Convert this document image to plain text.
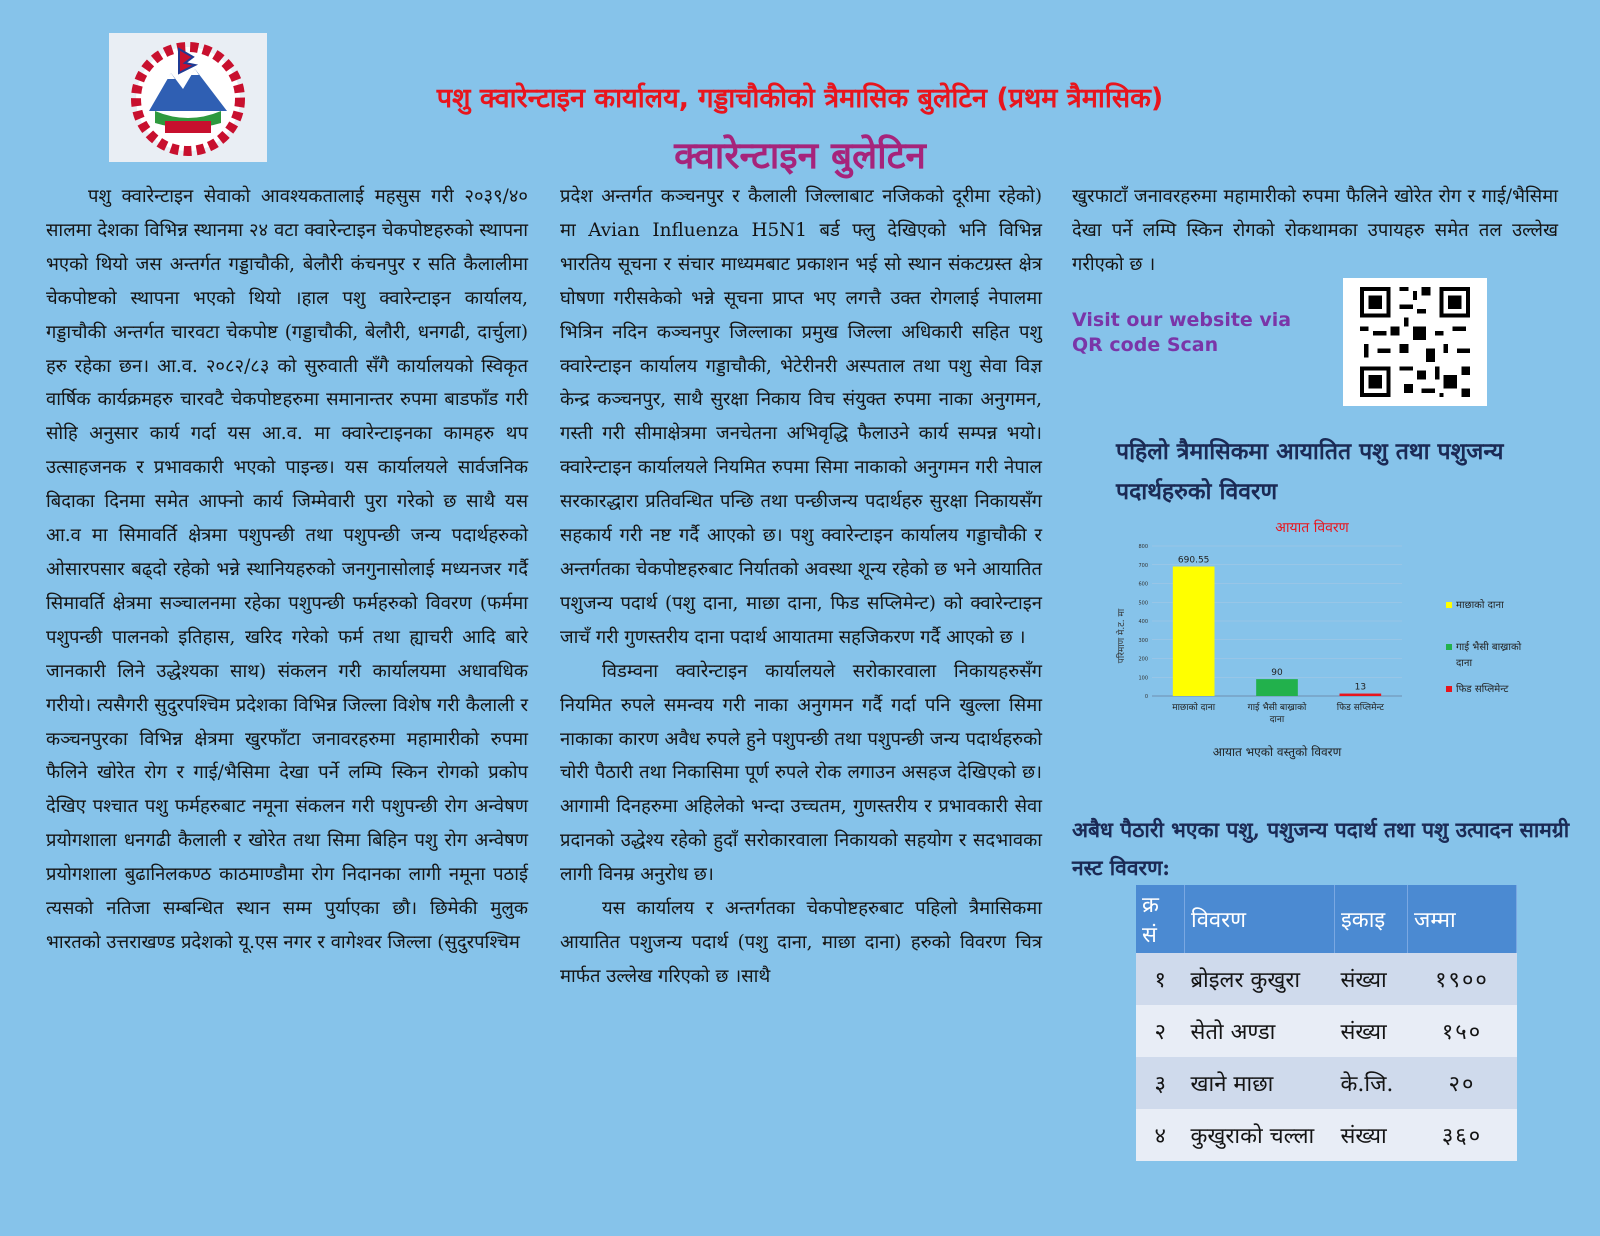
पशु क्वारेन्टाइन कार्यालय, गड्डाचौकीको त्रैमासिक बुलेटिन (प्रथम त्रैमासिक)
क्वारेन्टाइन बुलेटिन

पशु क्वारेन्टाइन सेवाको आवश्यकतालाई महसुस गरी २०३९/४० सालमा देशका विभिन्न स्थानमा २४ वटा क्वारेन्टाइन चेकपोष्टहरुको स्थापना भएको थियो जस अन्तर्गत गड्डाचौकी, बेलौरी कंचनपुर र सति कैलालीमा चेकपोष्टको स्थापना भएको थियो ।हाल पशु क्वारेन्टाइन कार्यालय, गड्डाचौकी अन्तर्गत चारवटा चेकपोष्ट (गड्डाचौकी, बेलौरी, धनगढी, दार्चुला) हरु रहेका छन। आ.व. २०८२/८३ को सुरुवाती सँगै कार्यालयको स्विकृत वार्षिक कार्यक्रमहरु चारवटै चेकपोष्टहरुमा समानान्तर रुपमा बाडफाँड गरी सोहि अनुसार कार्य गर्दा यस आ.व. मा क्वारेन्टाइनका कामहरु थप उत्साहजनक र प्रभावकारी भएको पाइन्छ। यस कार्यालयले सार्वजनिक बिदाका दिनमा समेत आफ्नो कार्य जिम्मेवारी पुरा गरेको छ साथै यस आ.व मा सिमावर्ति क्षेत्रमा पशुपन्छी तथा पशुपन्छी जन्य पदार्थहरुको ओसारपसार बढ्दो रहेको भन्ने स्थानियहरुको जनगुनासोलाई मध्यनजर गर्दै सिमावर्ति क्षेत्रमा सञ्चालनमा रहेका पशुपन्छी फर्महरुको विवरण (फर्ममा पशुपन्छी पालनको इतिहास, खरिद गरेको फर्म तथा ह्याचरी आदि बारे जानकारी लिने उद्धेश्यका साथ) संकलन गरी कार्यालयमा अधावधिक गरीयो। त्यसैगरी सुदुरपश्चिम प्रदेशका विभिन्न जिल्ला विशेष गरी कैलाली र कञ्चनपुरका विभिन्न क्षेत्रमा खुरफाँटा जनावरहरुमा महामारीको रुपमा फैलिने खोरेत रोग र गाई/भैसिमा देखा पर्ने लम्पि स्किन रोगको प्रकोप देखिए पश्चात पशु फर्महरुबाट नमूना संकलन गरी पशुपन्छी रोग अन्वेषण प्रयोगशाला धनगढी कैलाली र खोरेत तथा सिमा बिहिन पशु रोग अन्वेषण प्रयोगशाला बुढानिलकण्ठ काठमाण्डौमा रोग निदानका लागी नमूना पठाई त्यसको नतिजा सम्बन्धित स्थान सम्म पुर्याएका छौ। छिमेकी मुलुक भारतको उत्तराखण्ड प्रदेशको यू.एस नगर र वागेश्वर जिल्ला (सुदुरपश्चिम

प्रदेश अन्तर्गत कञ्चनपुर र कैलाली जिल्लाबाट नजिकको दूरीमा रहेको) मा Avian Influenza H5N1 बर्ड फ्लु देखिएको भनि विभिन्न भारतिय सूचना र संचार माध्यमबाट प्रकाशन भई सो स्थान संकटग्रस्त क्षेत्र घोषणा गरीसकेको भन्ने सूचना प्राप्त भए लगत्तै उक्त रोगलाई नेपालमा भित्रिन नदिन कञ्चनपुर जिल्लाका प्रमुख जिल्ला अधिकारी सहित पशु क्वारेन्टाइन कार्यालय गड्डाचौकी, भेटेरीनरी अस्पताल तथा पशु सेवा विज्ञ केन्द्र कञ्चनपुर, साथै सुरक्षा निकाय विच संयुक्त रुपमा नाका अनुगमन, गस्ती गरी सीमाक्षेत्रमा जनचेतना अभिवृद्धि फैलाउने कार्य सम्पन्न भयो। क्वारेन्टाइन कार्यालयले नियमित रुपमा सिमा नाकाको अनुगमन गरी नेपाल सरकारद्धारा प्रतिवन्धित पन्छि तथा पन्छीजन्य पदार्थहरु सुरक्षा निकायसँग सहकार्य गरी नष्ट गर्दै आएको छ। पशु क्वारेन्टाइन कार्यालय गड्डाचौकी र अन्तर्गतका चेकपोष्टहरुबाट निर्यातको अवस्था शून्य रहेको छ भने आयातित पशुजन्य पदार्थ (पशु दाना, माछा दाना, फिड सप्लिमेन्ट) को क्वारेन्टाइन जाचँ गरी गुणस्तरीय दाना पदार्थ आयातमा सहजिकरण गर्दै आएको छ ।

विडम्वना क्वारेन्टाइन कार्यालयले सरोकारवाला निकायहरुसँग नियमित रुपले समन्वय गरी नाका अनुगमन गर्दै गर्दा पनि खुल्ला सिमा नाकाका कारण अवैध रुपले हुने पशुपन्छी तथा पशुपन्छी जन्य पदार्थहरुको चोरी पैठारी तथा निकासिमा पूर्ण रुपले रोक लगाउन असहज देखिएको छ। आगामी दिनहरुमा अहिलेको भन्दा उच्चतम, गुणस्तरीय र प्रभावकारी सेवा प्रदानको उद्धेश्य रहेको हुदाँ सरोकारवाला निकायको सहयोग र सदभावका लागी विनम्र अनुरोध छ।

यस कार्यालय र अन्तर्गतका चेकपोष्टहरुबाट पहिलो त्रैमासिकमा आयातित पशुजन्य पदार्थ (पशु दाना, माछा दाना) हरुको विवरण चित्र मार्फत उल्लेख गरिएको छ ।साथै

खुरफाटाँ जनावरहरुमा महामारीको रुपमा फैलिने खोरेत रोग र गाई/भैसिमा देखा पर्ने लम्पि स्किन रोगको रोकथामका उपायहरु समेत तल उल्लेख गरीएको छ ।

Visit our website via QR code Scan
पहिलो त्रैमासिकमा आयातित पशु तथा पशुजन्य पदार्थहरुको विवरण
आयात विवरण
0
100
200
300
400
500
600
700
800
690.55
90
13
माछाको दाना	गाई भैसी बाख्राको
दाना
फिड सप्लिमेन्ट
परिमाण मे.ट. मा
आयात भएको वस्तुको विवरण
माछाको दाना
गाई भैसी बाख्राको
दाना
फिड सप्लिमेन्ट
अबैध पैठारी भएका पशु, पशुजन्य पदार्थ तथा पशु उत्पादन सामग्री नस्ट विवरण:
क्र सं	विवरण	इकाइ	जम्मा
१	ब्रोइलर कुखुरा	संख्या	१९००
२	सेतो अण्डा	संख्या	१५०
३	खाने माछा	के.जि.	२०
४	कुखुराको चल्ला	संख्या	३६०
